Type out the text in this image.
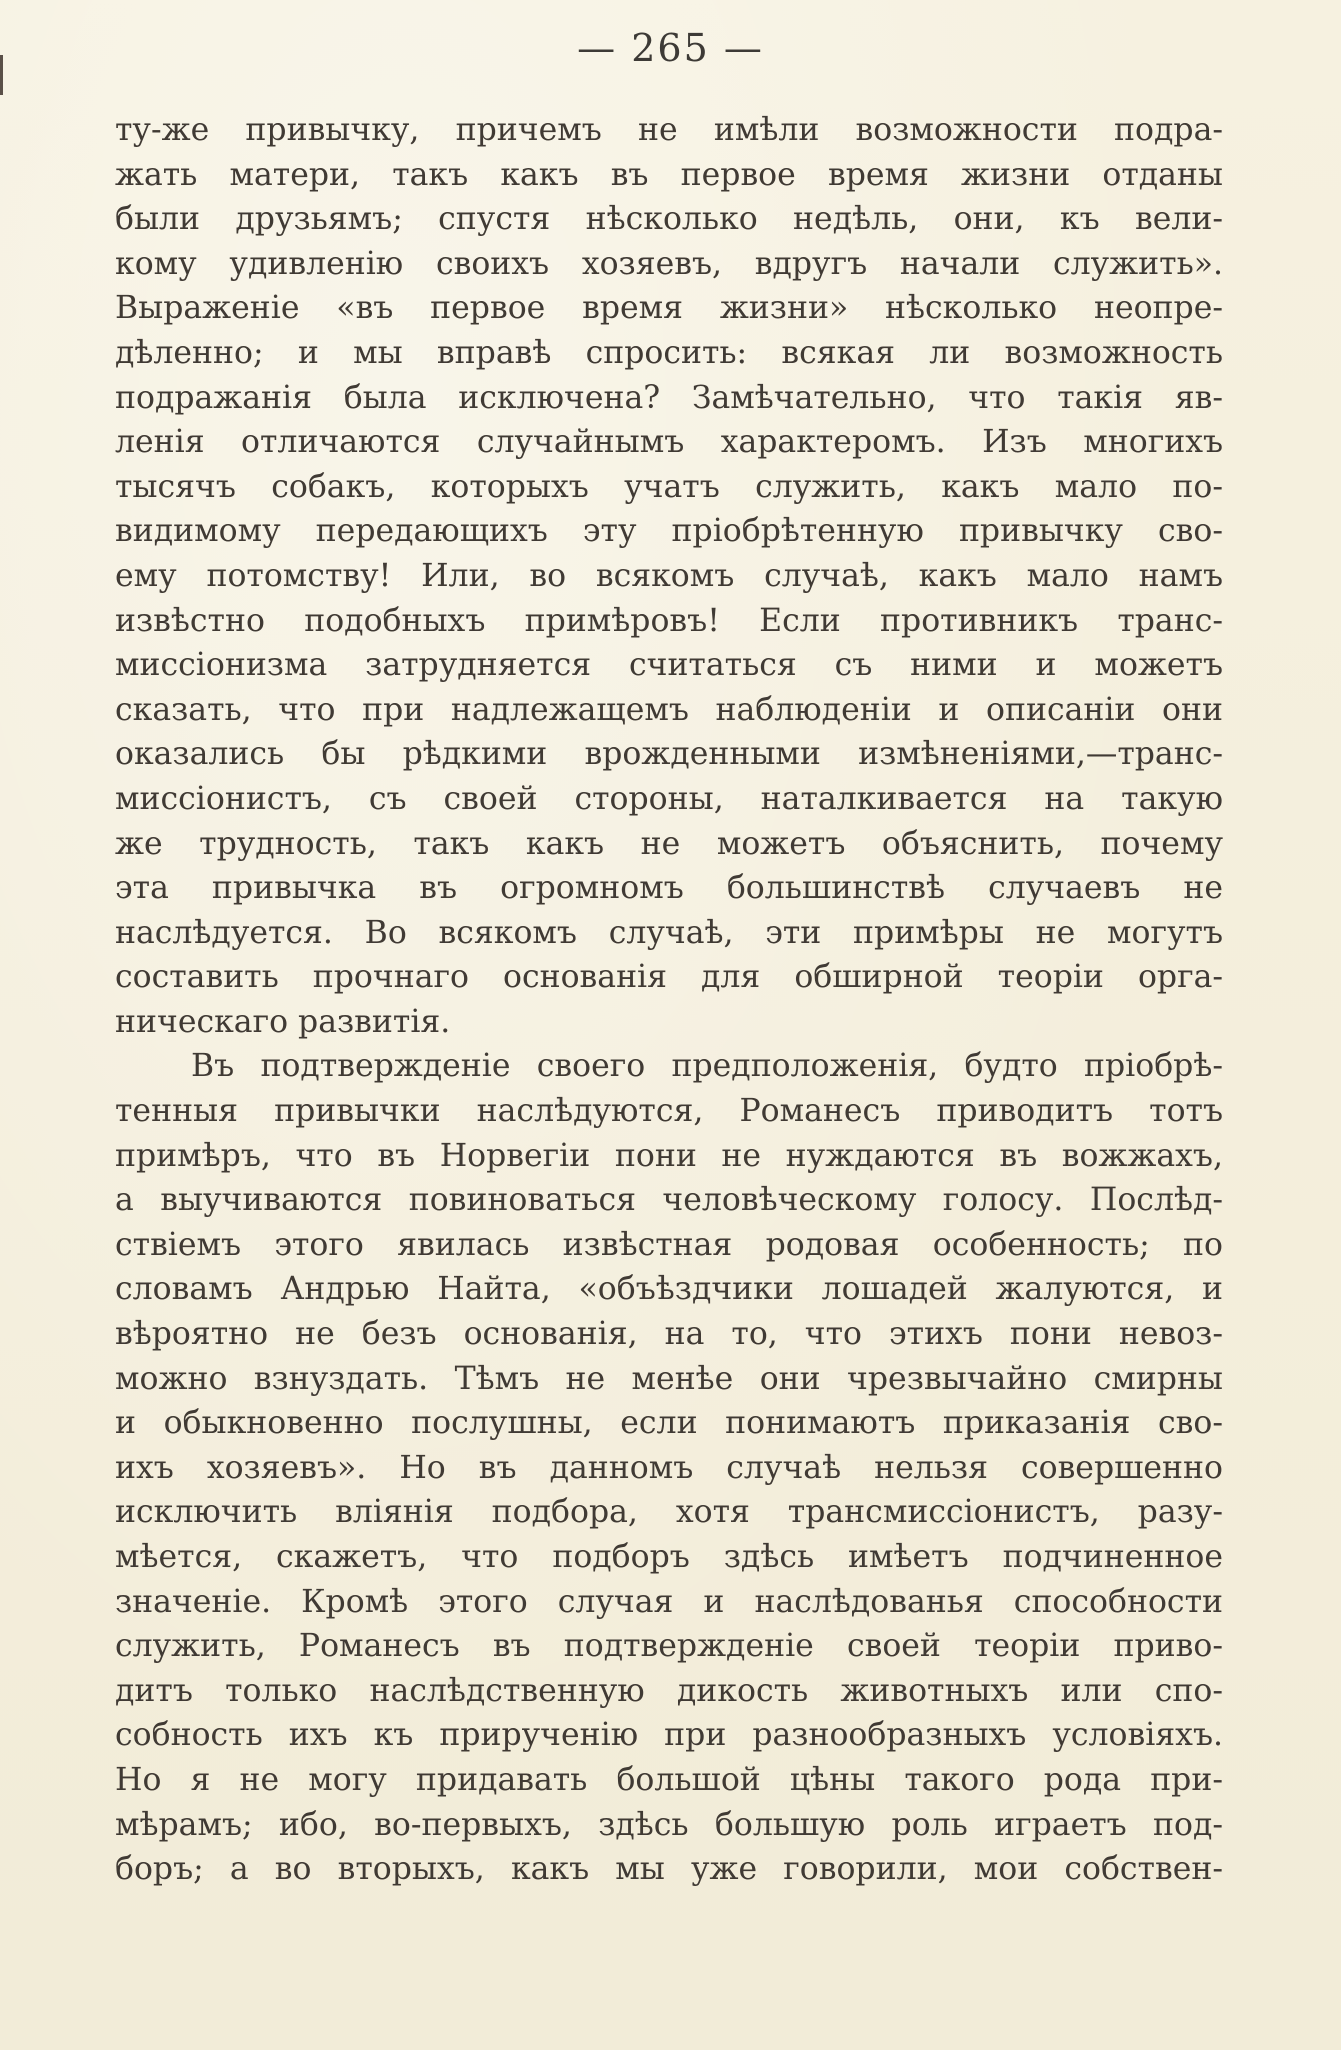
— 265 —
ту-же привычку, причемъ не имѣли возможности подра-
жать матери, такъ какъ въ первое время жизни отданы
были друзьямъ; спустя нѣсколько недѣль, они, къ вели-
кому удивленію своихъ хозяевъ, вдругъ начали служить».
Выраженіе «въ первое время жизни» нѣсколько неопре-
дѣленно; и мы вправѣ спросить: всякая ли возможность
подражанія была исключена? Замѣчательно, что такія яв-
ленія отличаются случайнымъ характеромъ. Изъ многихъ
тысячъ собакъ, которыхъ учатъ служить, какъ мало по-
видимому передающихъ эту пріобрѣтенную привычку сво-
ему потомству! Или, во всякомъ случаѣ, какъ мало намъ
извѣстно подобныхъ примѣровъ! Если противникъ транс-
миссіонизма затрудняется считаться съ ними и можетъ
сказать, что при надлежащемъ наблюденіи и описаніи они
оказались бы рѣдкими врожденными измѣненіями,—транс-
миссіонистъ, съ своей стороны, наталкивается на такую
же трудность, такъ какъ не можетъ объяснить, почему
эта привычка въ огромномъ большинствѣ случаевъ не
наслѣдуется. Во всякомъ случаѣ, эти примѣры не могутъ
составить прочнаго основанія для обширной теоріи орга-
ническаго развитія.
Въ подтвержденіе своего предположенія, будто пріобрѣ-
тенныя привычки наслѣдуются, Романесъ приводитъ тотъ
примѣръ, что въ Норвегіи пони не нуждаются въ вожжахъ,
а выучиваются повиноваться человѣческому голосу. Послѣд-
ствіемъ этого явилась извѣстная родовая особенность; по
словамъ Андрью Найта, «объѣздчики лошадей жалуются, и
вѣроятно не безъ основанія, на то, что этихъ пони невоз-
можно взнуздать. Тѣмъ не менѣе они чрезвычайно смирны
и обыкновенно послушны, если понимаютъ приказанія сво-
ихъ хозяевъ». Но въ данномъ случаѣ нельзя совершенно
исключить вліянія подбора, хотя трансмиссіонистъ, разу-
мѣется, скажетъ, что подборъ здѣсь имѣетъ подчиненное
значеніе. Кромѣ этого случая и наслѣдованья способности
служить, Романесъ въ подтвержденіе своей теоріи приво-
дитъ только наслѣдственную дикость животныхъ или спо-
собность ихъ къ прирученію при разнообразныхъ условіяхъ.
Но я не могу придавать большой цѣны такого рода при-
мѣрамъ; ибо, во-первыхъ, здѣсь большую роль играетъ под-
боръ; а во вторыхъ, какъ мы уже говорили, мои собствен-
